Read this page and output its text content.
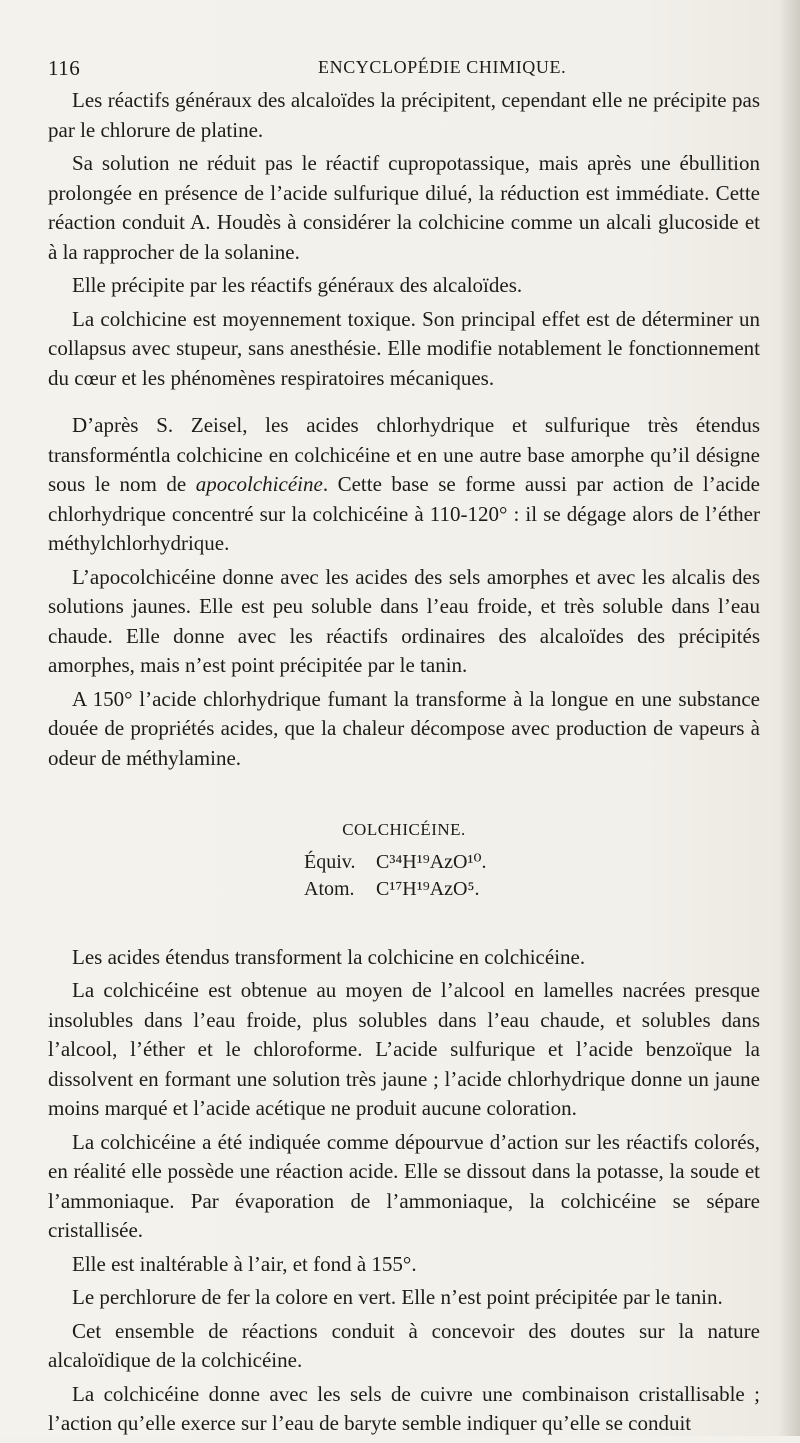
116	ENCYCLOPÉDIE CHIMIQUE.

Les réactifs généraux des alcaloïdes la précipitent, cependant elle ne précipite pas par le chlorure de platine.

Sa solution ne réduit pas le réactif cupropotassique, mais après une ébullition prolongée en présence de l’acide sulfurique dilué, la réduction est immédiate. Cette réaction conduit A. Houdès à considérer la colchicine comme un alcali glucoside et à la rapprocher de la solanine.

Elle précipite par les réactifs généraux des alcaloïdes.

La colchicine est moyennement toxique. Son principal effet est de déterminer un collapsus avec stupeur, sans anesthésie. Elle modifie notablement le fonctionnement du cœur et les phénomènes respiratoires mécaniques.

D’après S. Zeisel, les acides chlorhydrique et sulfurique très étendus transforméntla colchicine en colchicéine et en une autre base amorphe qu’il désigne sous le nom de apocolchicéine. Cette base se forme aussi par action de l’acide chlorhydrique concentré sur la colchicéine à 110-120° : il se dégage alors de l’éther méthylchlorhydrique.

L’apocolchicéine donne avec les acides des sels amorphes et avec les alcalis des solutions jaunes. Elle est peu soluble dans l’eau froide, et très soluble dans l’eau chaude. Elle donne avec les réactifs ordinaires des alcaloïdes des précipités amorphes, mais n’est point précipitée par le tanin.

A 150° l’acide chlorhydrique fumant la transforme à la longue en une substance douée de propriétés acides, que la chaleur décompose avec production de vapeurs à odeur de méthylamine.

COLCHICÉINE.
Équiv. C³⁴H¹⁹AzO¹⁰.
Atom. C¹⁷H¹⁹AzO⁵.

Les acides étendus transforment la colchicine en colchicéine.

La colchicéine est obtenue au moyen de l’alcool en lamelles nacrées presque insolubles dans l’eau froide, plus solubles dans l’eau chaude, et solubles dans l’alcool, l’éther et le chloroforme. L’acide sulfurique et l’acide benzoïque la dissolvent en formant une solution très jaune ; l’acide chlorhydrique donne un jaune moins marqué et l’acide acétique ne produit aucune coloration.

La colchicéine a été indiquée comme dépourvue d’action sur les réactifs colorés, en réalité elle possède une réaction acide. Elle se dissout dans la potasse, la soude et l’ammoniaque. Par évaporation de l’ammoniaque, la colchicéine se sépare cristallisée.

Elle est inaltérable à l’air, et fond à 155°.

Le perchlorure de fer la colore en vert. Elle n’est point précipitée par le tanin.

Cet ensemble de réactions conduit à concevoir des doutes sur la nature alcaloïdique de la colchicéine.

La colchicéine donne avec les sels de cuivre une combinaison cristallisable ; l’action qu’elle exerce sur l’eau de baryte semble indiquer qu’elle se conduit
